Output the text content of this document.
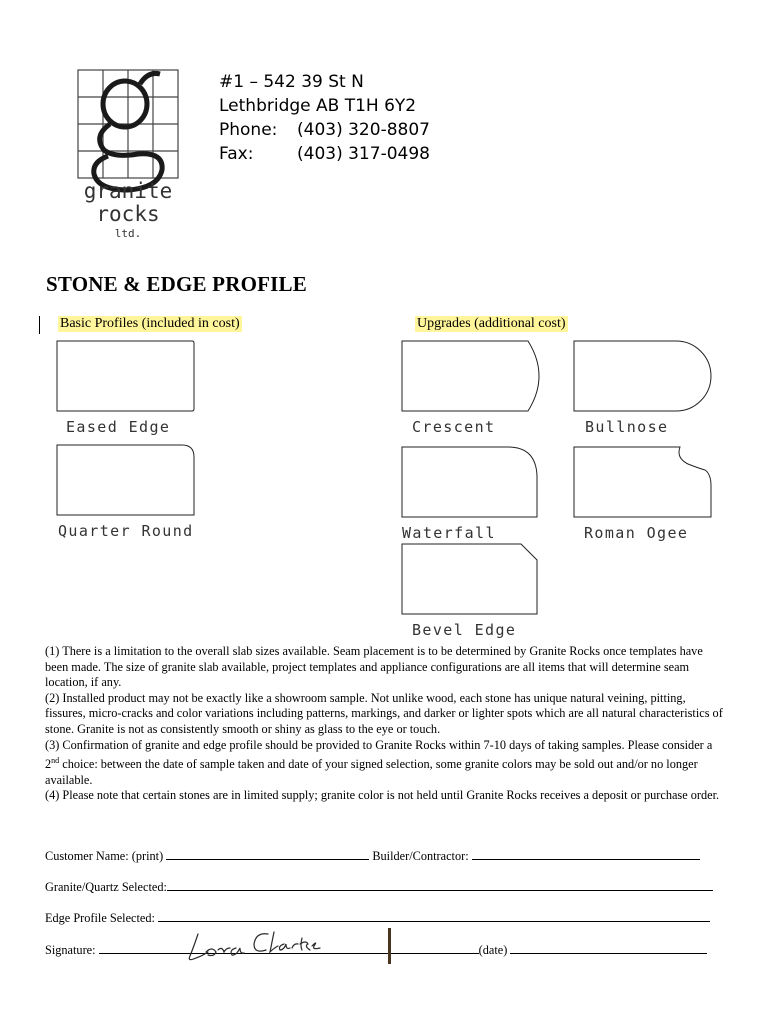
granite
rocks
ltd.
#1 – 542 39 St N
Lethbridge AB T1H 6Y2
Phone: (403) 320-8807
Fax:	(403) 317-0498
STONE & EDGE PROFILE
Basic Profiles (included in cost)	Upgrades (additional cost)
Eased Edge
Quarter Round
Crescent	Bullnose
Waterfall	Roman Ogee
Bevel Edge

(1) There is a limitation to the overall slab sizes available. Seam placement is to be determined by Granite Rocks once templates have been made. The size of granite slab available, project templates and appliance configurations are all items that will determine seam location, if any.

(2) Installed product may not be exactly like a showroom sample. Not unlike wood, each stone has unique natural veining, pitting, fissures, micro-cracks and color variations including patterns, markings, and darker or lighter spots which are all natural characteristics of stone. Granite is not as consistently smooth or shiny as glass to the eye or touch.

(3) Confirmation of granite and edge profile should be provided to Granite Rocks within 7-10 days of taking samples. Please consider a 2nd choice: between the date of sample taken and date of your signed selection, some granite colors may be sold out and/or no longer available.

(4) Please note that certain stones are in limited supply; granite color is not held until Granite Rocks receives a deposit or purchase order.

Customer Name: (print)	Builder/Contractor:
Granite/Quartz Selected:
Edge Profile Selected:
Signature:	(date)
